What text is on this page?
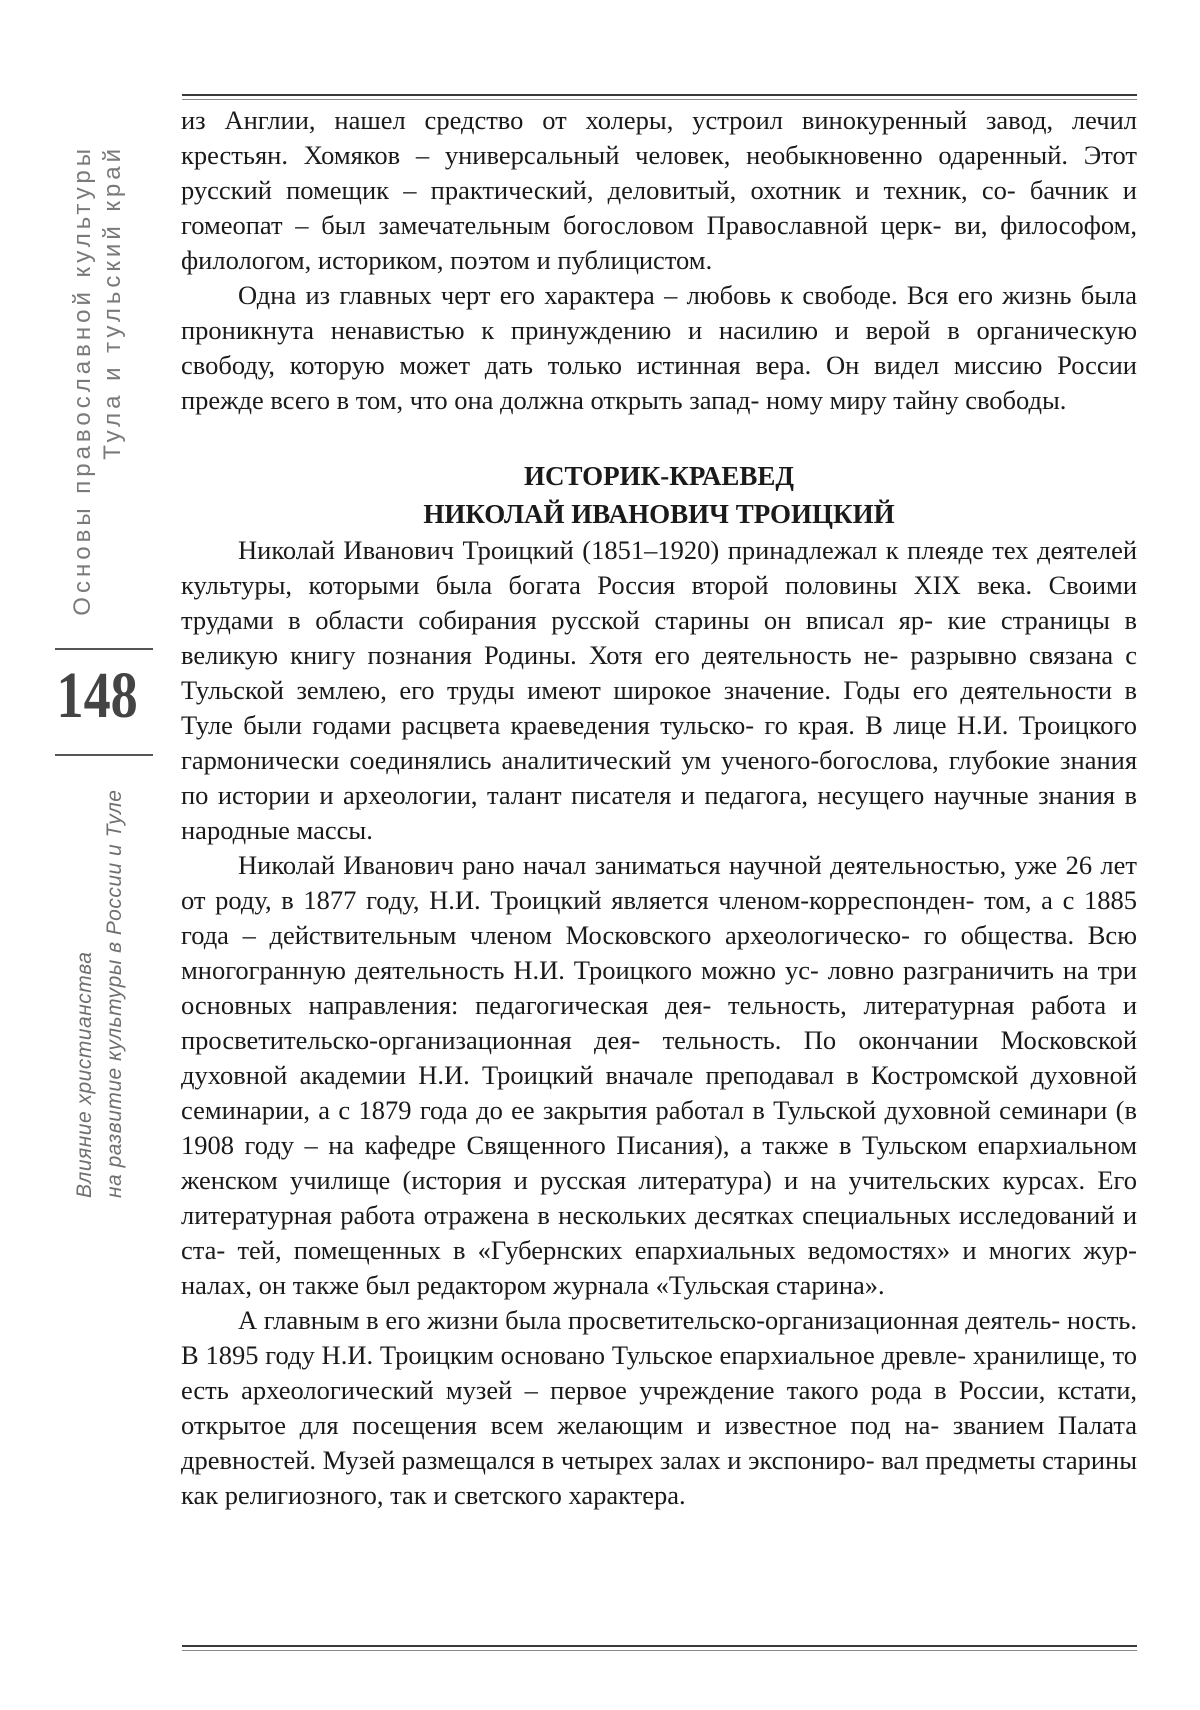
Основы православной культуры Тула и тульский край
148
Влияние христианства на развитие культуры в России и Туле

из Англии, нашел средство от холеры, устроил винокуренный завод, лечил крестьян. Хомяков – универсальный человек, необыкновенно одаренный. Этот русский помещик – практический, деловитый, охотник и техник, со- бачник и гомеопат – был замечательным богословом Православной церк- ви, философом, филологом, историком, поэтом и публицистом.

Одна из главных черт его характера – любовь к свободе. Вся его жизнь была проникнута ненавистью к принуждению и насилию и верой в органическую свободу, которую может дать только истинная вера. Он видел миссию России прежде всего в том, что она должна открыть запад- ному миру тайну свободы.

ИСТОРИК-КРАЕВЕД
НИКОЛАЙ ИВАНОВИЧ ТРОИЦКИЙ

Николай Иванович Троицкий (1851–1920) принадлежал к плеяде тех деятелей культуры, которыми была богата Россия второй половины XIX века. Своими трудами в области собирания русской старины он вписал яр- кие страницы в великую книгу познания Родины. Хотя его деятельность не- разрывно связана с Тульской землею, его труды имеют широкое значение. Годы его деятельности в Туле были годами расцвета краеведения тульско- го края. В лице Н.И. Троицкого гармонически соединялись аналитический ум ученого-богослова, глубокие знания по истории и археологии, талант писателя и педагога, несущего научные знания в народные массы.

Николай Иванович рано начал заниматься научной деятельностью, уже 26 лет от роду, в 1877 году, Н.И. Троицкий является членом-корреспонден- том, а с 1885 года – действительным членом Московского археологическо- го общества. Всю многогранную деятельность Н.И. Троицкого можно ус- ловно разграничить на три основных направления: педагогическая дея- тельность, литературная работа и просветительско-организационная дея- тельность. По окончании Московской духовной академии Н.И. Троицкий вначале преподавал в Костромской духовной семинарии, а с 1879 года до ее закрытия работал в Тульской духовной семинари (в 1908 году – на кафедре Священного Писания), а также в Тульском епархиальном женском училище (история и русская литература) и на учительских курсах. Его литературная работа отражена в нескольких десятках специальных исследований и ста- тей, помещенных в «Губернских епархиальных ведомостях» и многих жур- налах, он также был редактором журнала «Тульская старина».

А главным в его жизни была просветительско-организационная деятель- ность. В 1895 году Н.И. Троицким основано Тульское епархиальное древле- хранилище, то есть археологический музей – первое учреждение такого рода в России, кстати, открытое для посещения всем желающим и известное под на- званием Палата древностей. Музей размещался в четырех залах и экспониро- вал предметы старины как религиозного, так и светского характера.
